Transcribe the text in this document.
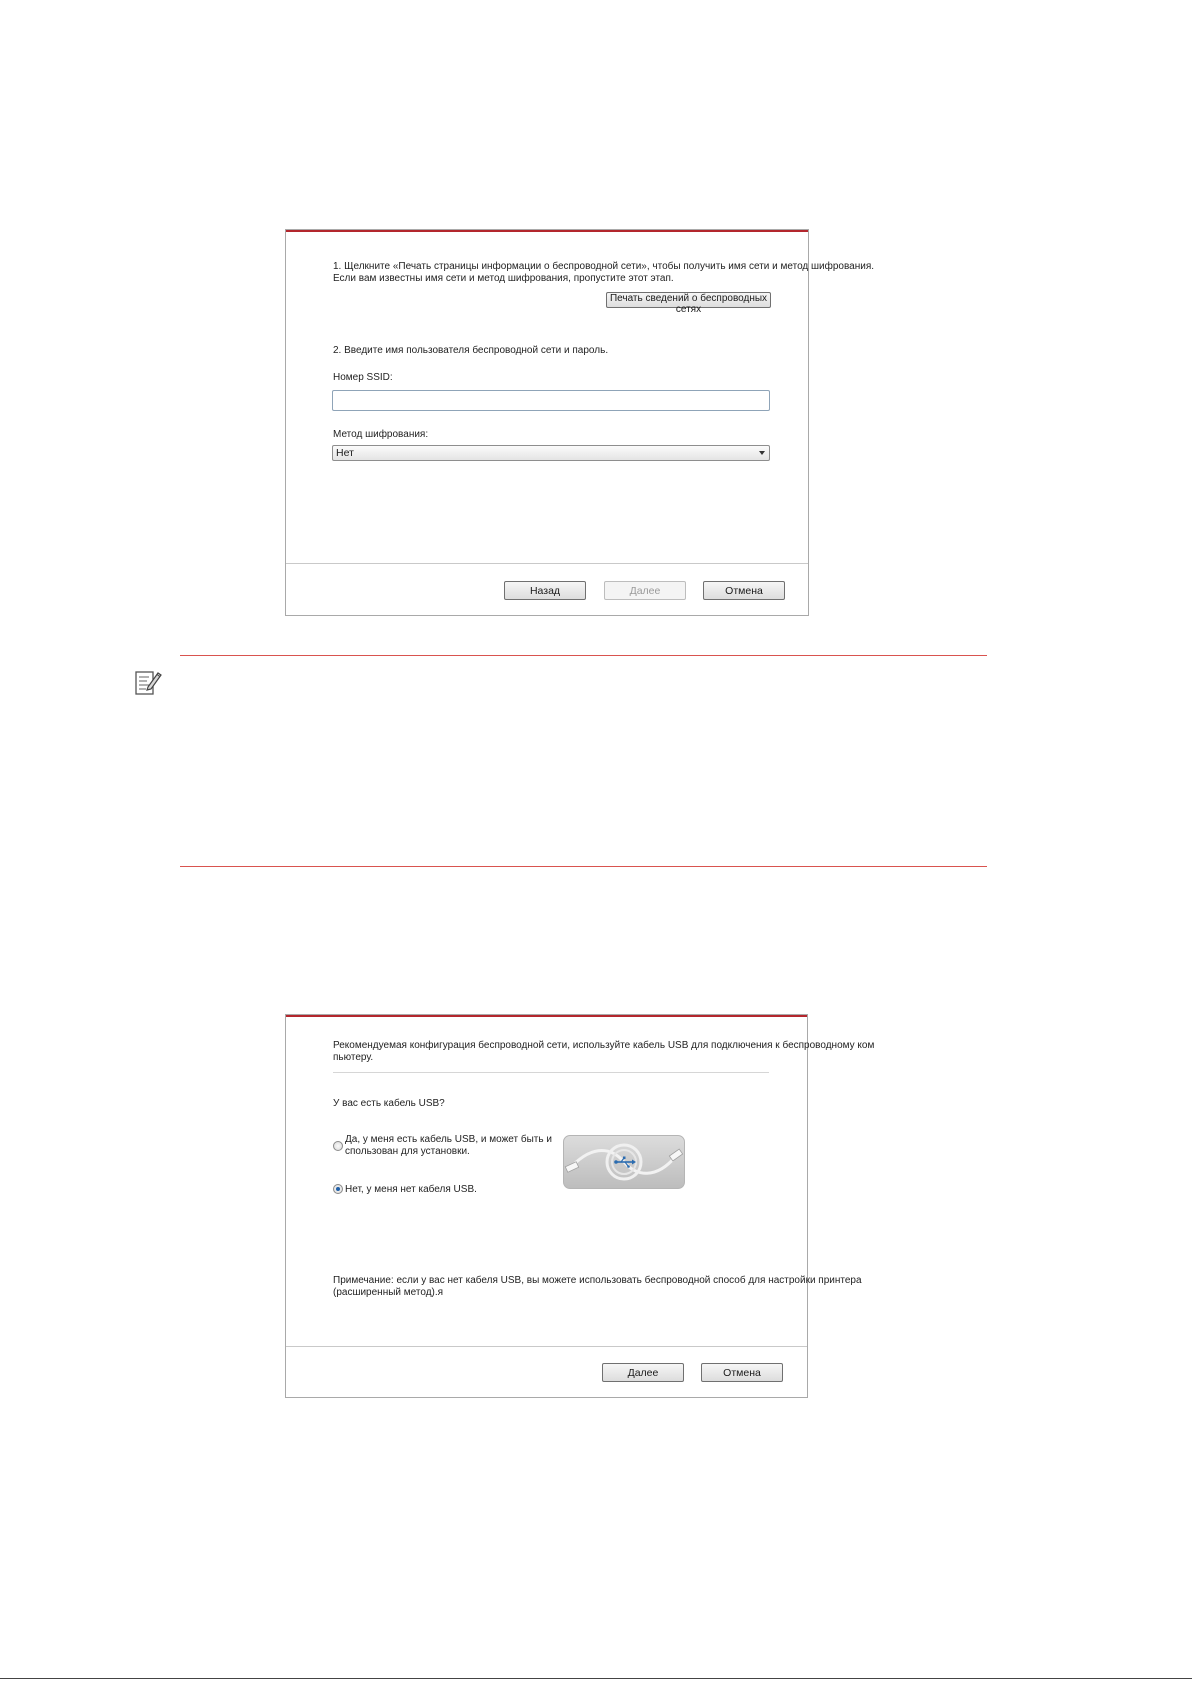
1. Щелкните «Печать страницы информации о беспроводной сети», чтобы получить имя сети и метод шифрования.
Если вам известны имя сети и метод шифрования, пропустите этот этап.
Печать сведений о беспроводных сетях
2. Введите имя пользователя беспроводной сети и пароль.
Номер SSID:
Метод шифрования:
Нет
Назад	Далее	Отмена
Рекомендуемая конфигурация беспроводной сети, используйте кабель USB для подключения к беспроводному ком
пьютеру.
У вас есть кабель USB?
Да, у меня есть кабель USB, и может быть и
спользован для установки.
Нет, у меня нет кабеля USB.
Примечание: если у вас нет кабеля USB, вы можете использовать беспроводной способ для настройки принтера
(расширенный метод).я
Далее	Отмена
